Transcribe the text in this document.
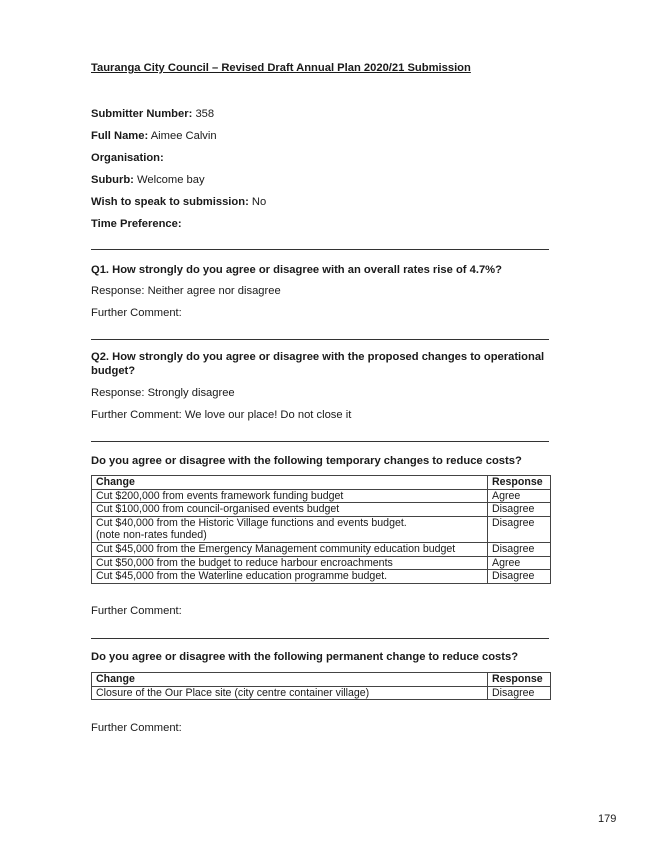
Tauranga City Council – Revised Draft Annual Plan 2020/21 Submission
Submitter Number: 358
Full Name: Aimee Calvin
Organisation:
Suburb: Welcome bay
Wish to speak to submission: No
Time Preference:
Q1. How strongly do you agree or disagree with an overall rates rise of 4.7%?
Response: Neither agree nor disagree
Further Comment:
Q2. How strongly do you agree or disagree with the proposed changes to operational budget?
Response: Strongly disagree
Further Comment: We love our place! Do not close it
Do you agree or disagree with the following temporary changes to reduce costs?
Change	Response
Cut $200,000 from events framework funding budget	Agree
Cut $100,000 from council-organised events budget	Disagree
Cut $40,000 from the Historic Village functions and events budget.
(note non-rates funded)	Disagree
Cut $45,000 from the Emergency Management community education budget	Disagree
Cut $50,000 from the budget to reduce harbour encroachments	Agree
Cut $45,000 from the Waterline education programme budget.	Disagree
Further Comment:
Do you agree or disagree with the following permanent change to reduce costs?
Change	Response
Closure of the Our Place site (city centre container village)	Disagree
Further Comment:
179
